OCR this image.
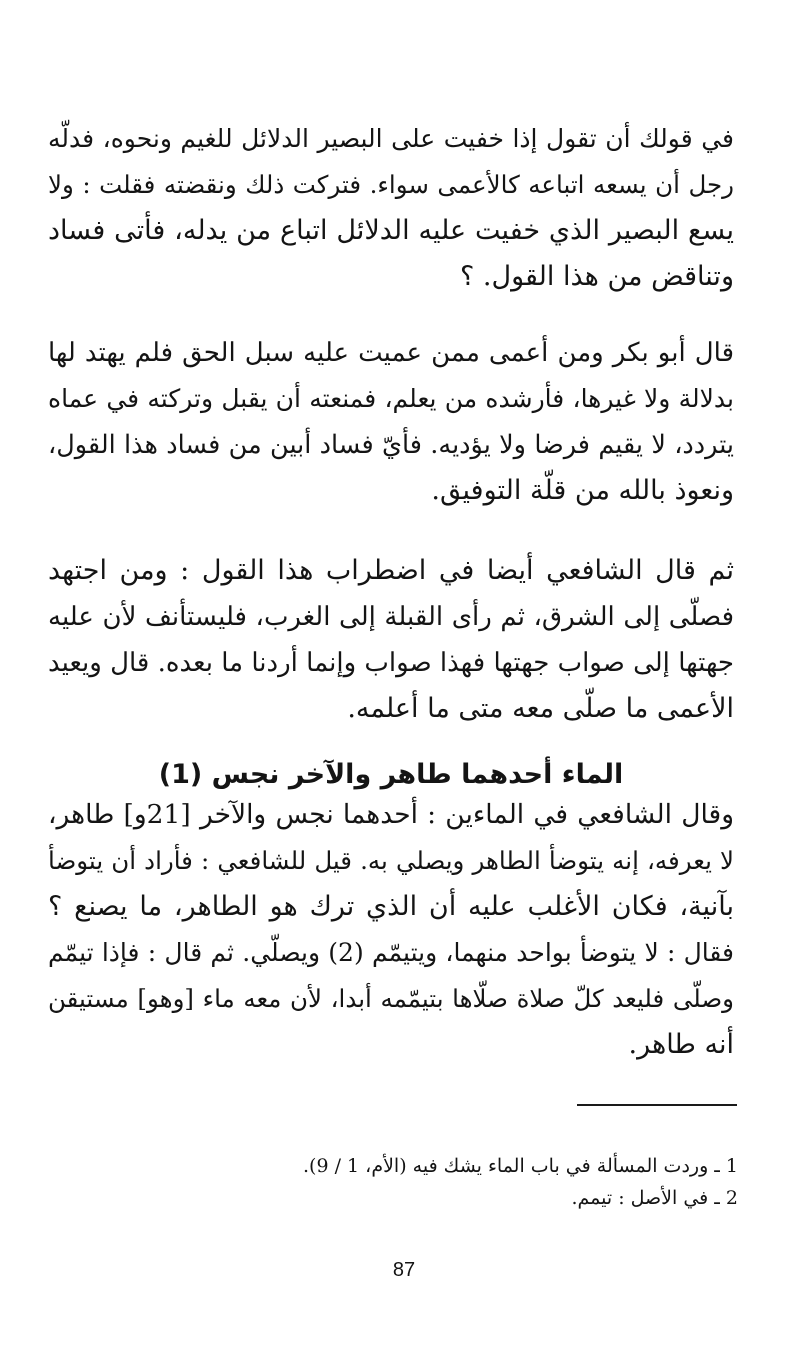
في قولك أن تقول إذا خفيت على البصير الدلائل للغيم ونحوه، فدلّه
رجل أن يسعه اتباعه كالأعمى سواء. فتركت ذلك ونقضته فقلت : ولا
يسع البصير الذي خفيت عليه الدلائل اتباع من يدله، فأتى فساد
وتناقض من هذا القول. ؟
قال أبو بكر ومن أعمى ممن عميت عليه سبل الحق فلم يهتد لها
بدلالة ولا غيرها، فأرشده من يعلم، فمنعته أن يقبل وتركته في عماه
يتردد، لا يقيم فرضا ولا يؤديه. فأيّ فساد أبين من فساد هذا القول،
ونعوذ بالله من قلّة التوفيق.
ثم قال الشافعي أيضا في اضطراب هذا القول : ومن اجتهد
فصلّى إلى الشرق، ثم رأى القبلة إلى الغرب، فليستأنف لأن عليه
جهتها إلى صواب جهتها فهذا صواب وإنما أردنا ما بعده. قال ويعيد
الأعمى ما صلّى معه متى ما أعلمه.
الماء أحدهما طاهر والآخر نجس (1)
وقال الشافعي في الماءين : أحدهما نجس والآخر [21و] طاهر،
لا يعرفه، إنه يتوضأ الطاهر ويصلي به. قيل للشافعي : فأراد أن يتوضأ
بآنية، فكان الأغلب عليه أن الذي ترك هو الطاهر، ما يصنع ؟
فقال : لا يتوضأ بواحد منهما، ويتيمّم (2) ويصلّي. ثم قال : فإذا تيمّم
وصلّى فليعد كلّ صلاة صلّاها بتيمّمه أبدا، لأن معه ماء [وهو] مستيقن
أنه طاهر.
1 ـ وردت المسألة في باب الماء يشك فيه (الأم، 1 / 9).
2 ـ في الأصل : تيمم.
87
